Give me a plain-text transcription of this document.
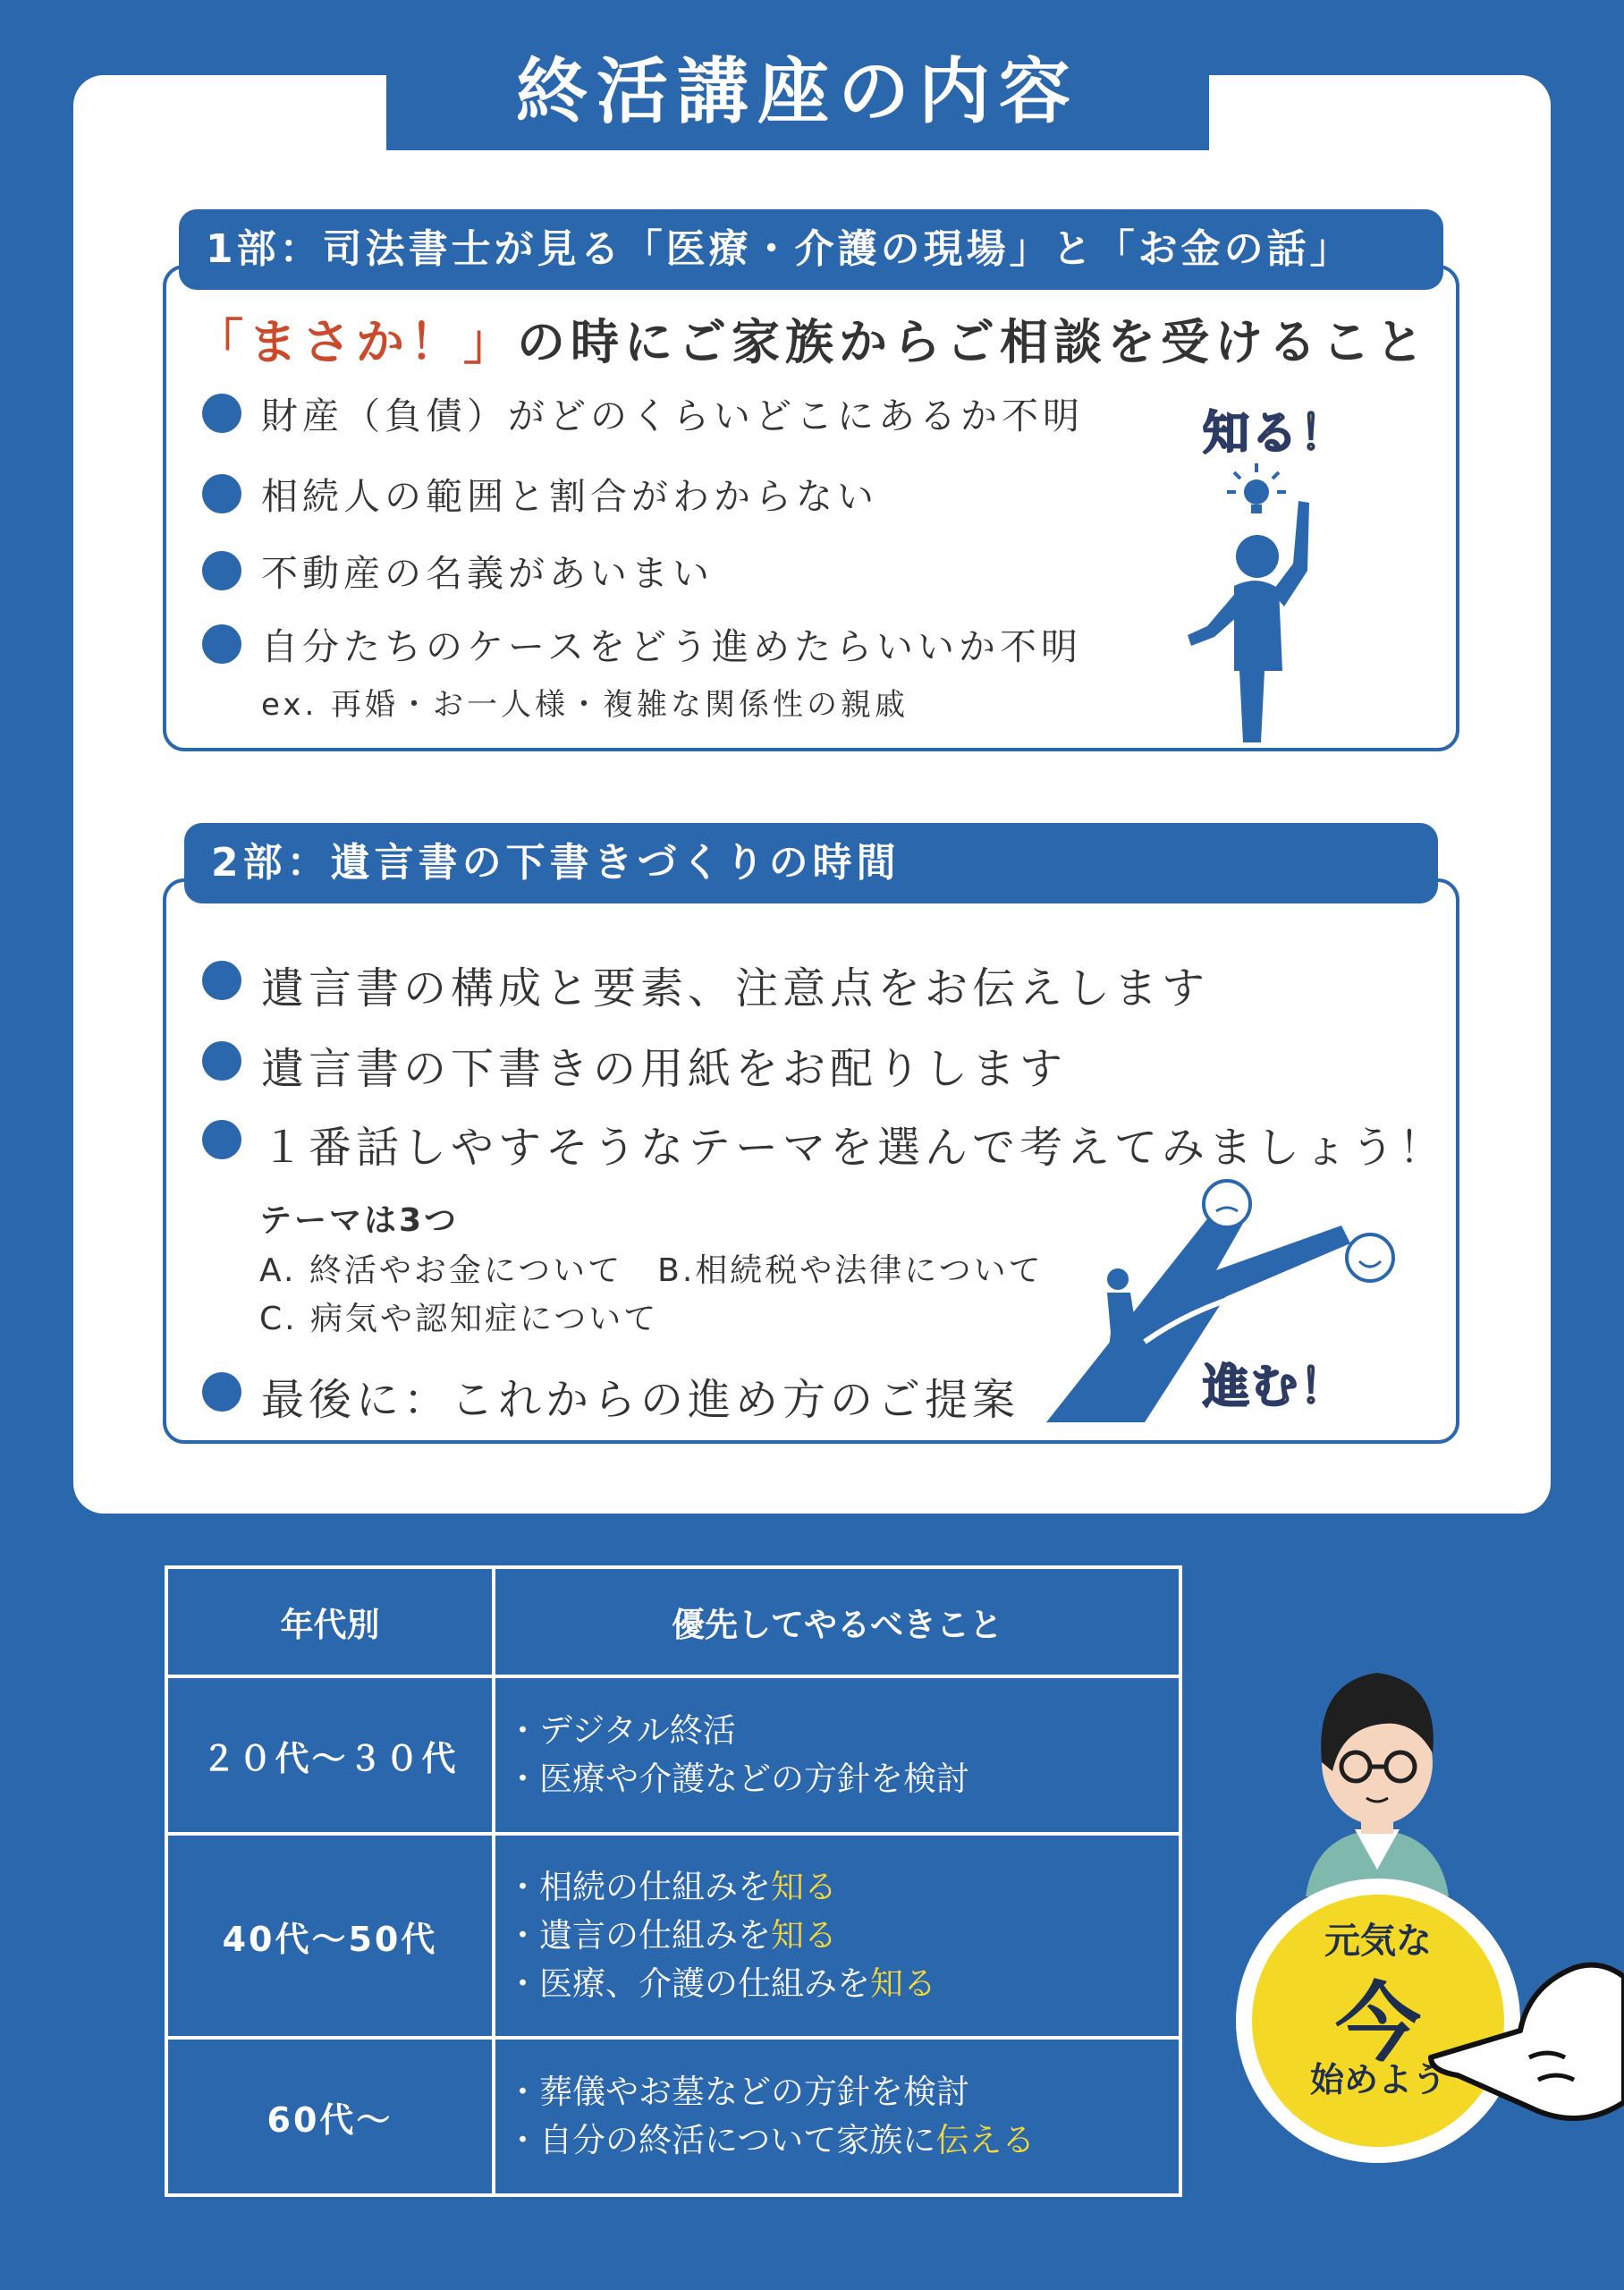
終活講座の内容
1部：司法書士が見る「医療・介護の現場」と「お金の話」
「まさか！」の時にご家族からご相談を受けること
財産（負債）がどのくらいどこにあるか不明
相続人の範囲と割合がわからない
不動産の名義があいまい
自分たちのケースをどう進めたらいいか不明
ex. 再婚・お一人様・複雑な関係性の親戚
知る！
2部：遺言書の下書きづくりの時間
遺言書の構成と要素、注意点をお伝えします
遺言書の下書きの用紙をお配りします
１番話しやすそうなテーマを選んで考えてみましょう！
テーマは3つ
A. 終活やお金について　B.相続税や法律について
C. 病気や認知症について
最後に：これからの進め方のご提案	進む！
年代別	優先してやるべきこと
２０代～３０代	・デジタル終活
・医療や介護などの方針を検討

40代～50代	・相続の仕組みを知る
・遺言の仕組みを知る
・医療、介護の仕組みを知る

60代～	・葬儀やお墓などの方針を検討
・自分の終活について家族に伝える
元気な
今
始めよう
